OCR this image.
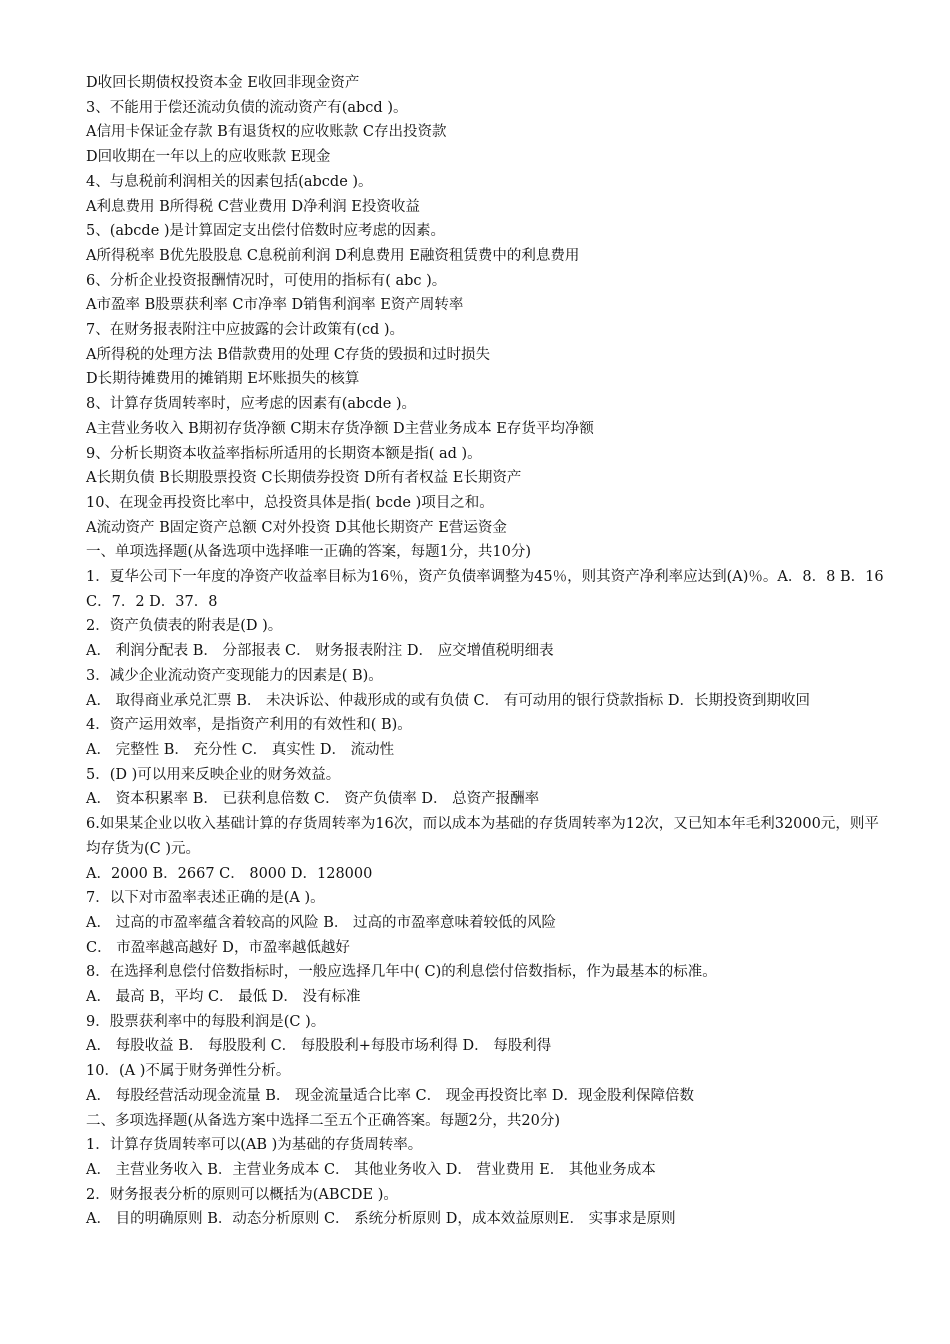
D收回长期债权投资本金 E收回非现金资产
3、不能用于偿还流动负债的流动资产有(abcd )。
A信用卡保证金存款 B有退货权的应收账款 C存出投资款
D回收期在一年以上的应收账款 E现金
4、与息税前利润相关的因素包括(abcde )。
A利息费用 B所得税 C营业费用 D净利润 E投资收益
5、(abcde )是计算固定支出偿付倍数时应考虑的因素。
A所得税率 B优先股股息 C息税前利润 D利息费用 E融资租赁费中的利息费用
6、分析企业投资报酬情况时，可使用的指标有( abc )。
A市盈率 B股票获利率 C市净率 D销售利润率 E资产周转率
7、在财务报表附注中应披露的会计政策有(cd )。
A所得税的处理方法 B借款费用的处理 C存货的毁损和过时损失
D长期待摊费用的摊销期 E坏账损失的核算
8、计算存货周转率时，应考虑的因素有(abcde )。
A主营业务收入 B期初存货净额 C期末存货净额 D主营业务成本 E存货平均净额
9、分析长期资本收益率指标所适用的长期资本额是指( ad )。
A长期负债 B长期股票投资 C长期债券投资 D所有者权益 E长期资产
10、在现金再投资比率中，总投资具体是指( bcde )项目之和。
A流动资产 B固定资产总额 C对外投资 D其他长期资产 E营运资金
一、单项选择题(从备选项中选择唯一正确的答案，每题1分，共10分)
1．夏华公司下一年度的净资产收益率目标为16％，资产负债率调整为45％，则其资产净利率应达到(A)％。A．8．8 B．16 C．7．2 D．37．8
2．资产负债表的附表是(D )。
A． 利润分配表 B． 分部报表 C． 财务报表附注 D． 应交增值税明细表
3．减少企业流动资产变现能力的因素是( B)。
A． 取得商业承兑汇票 B． 未决诉讼、仲裁形成的或有负债 C． 有可动用的银行贷款指标 D．长期投资到期收回
4．资产运用效率，是指资产利用的有效性和( B)。
A． 完整性 B． 充分性 C． 真实性 D． 流动性
5．(D )可以用来反映企业的财务效益。
A． 资本积累率 B． 已获利息倍数 C． 资产负债率 D． 总资产报酬率
6.如果某企业以收入基础计算的存货周转率为16次，而以成本为基础的存货周转率为12次，又已知本年毛利32000元，则平均存货为(C )元。
A．2000 B．2667 C． 8000 D．128000
7．以下对市盈率表述正确的是(A )。
A． 过高的市盈率蕴含着较高的风险 B． 过高的市盈率意味着较低的风险
C． 市盈率越高越好 D，市盈率越低越好
8．在选择利息偿付倍数指标时，一般应选择几年中( C)的利息偿付倍数指标，作为最基本的标准。
A． 最高 B，平均 C． 最低 D． 没有标准
9．股票获利率中的每股利润是(C )。
A． 每股收益 B． 每股股利 C． 每股股利+每股市场利得 D． 每股利得
10．(A )不属于财务弹性分析。
A． 每股经营活动现金流量 B． 现金流量适合比率 C． 现金再投资比率 D．现金股利保障倍数
二、多项选择题(从备选方案中选择二至五个正确答案。每题2分，共20分)
1．计算存货周转率可以(AB )为基础的存货周转率。
A． 主营业务收入 B．主营业务成本 C． 其他业务收入 D． 营业费用 E． 其他业务成本
2．财务报表分析的原则可以概括为(ABCDE )。
A． 目的明确原则 B．动态分析原则 C． 系统分析原则 D，成本效益原则E． 实事求是原则
